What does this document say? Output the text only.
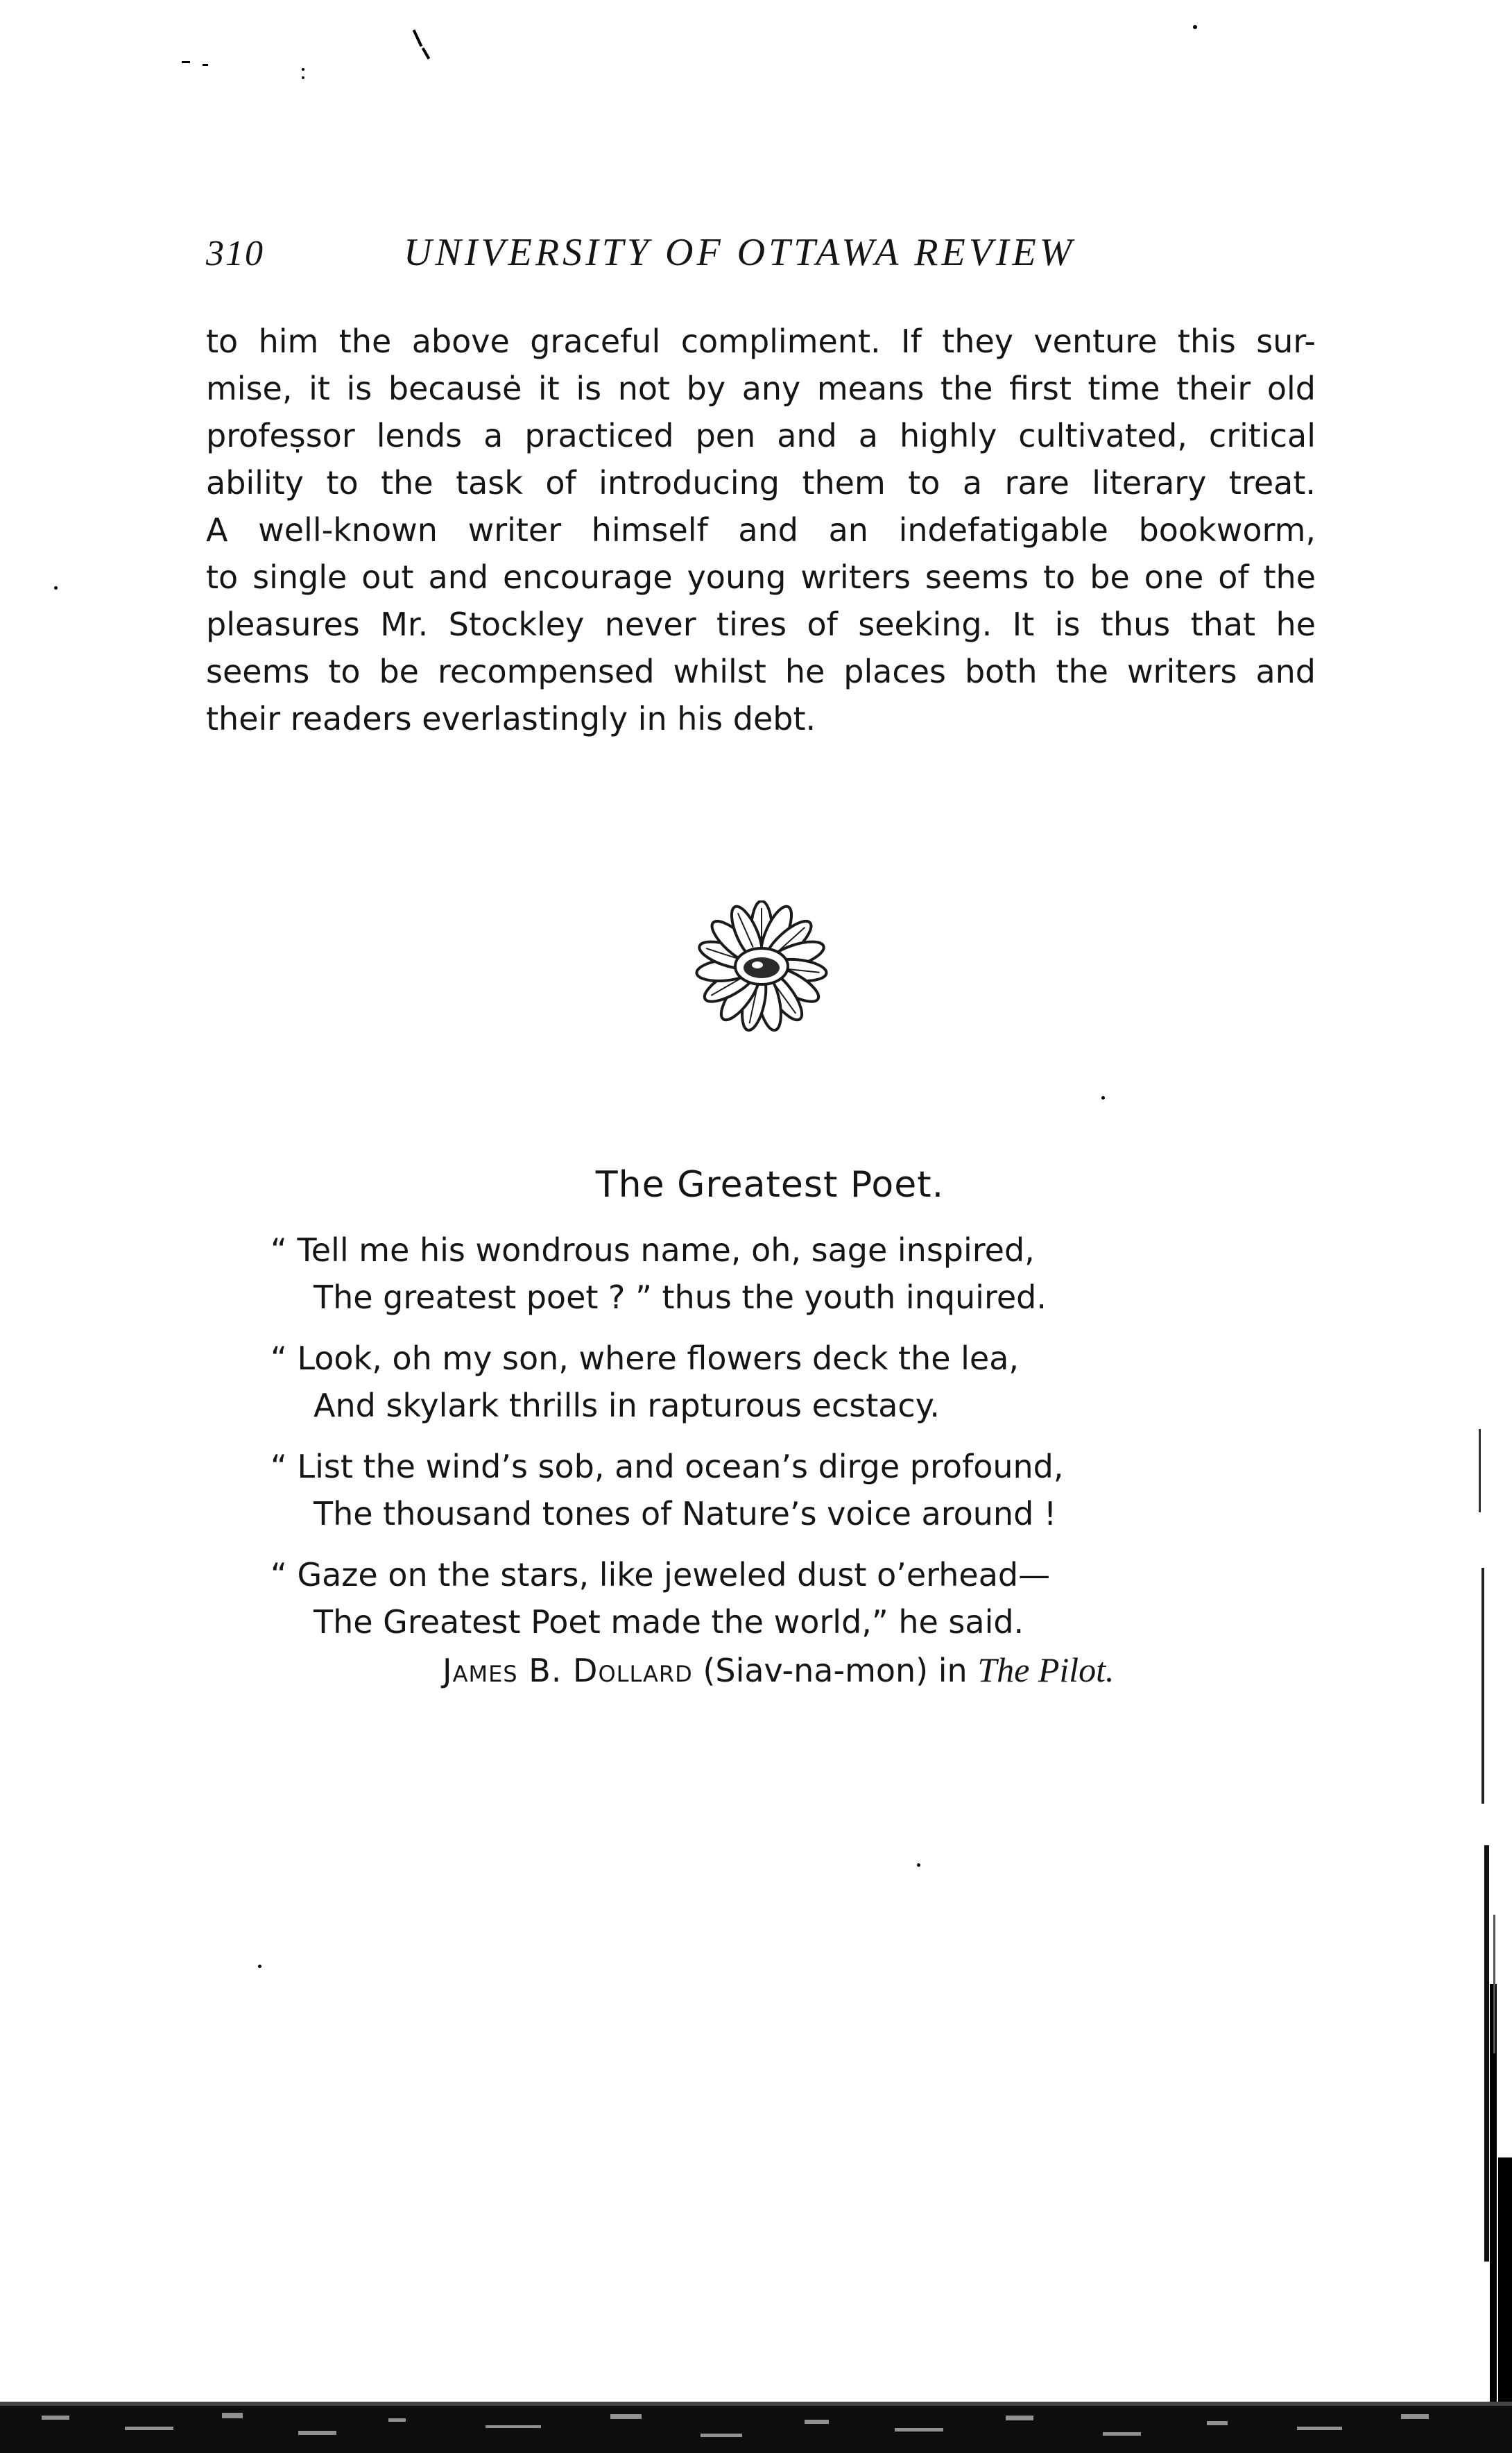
310	UNIVERSITY OF OTTAWA REVIEW

to him the above graceful compliment. If they venture this sur-
mise, it is becausė it is not by any means the first time their old
profeṣsor lends a practiced pen and a highly cultivated, critical
ability to the task of introducing them to a rare literary treat.
A well-known writer himself and an indefatigable bookworm,
to single out and encourage young writers seems to be one of the
pleasures Mr. Stockley never tires of seeking. It is thus that he
seems to be recompensed whilst he places both the writers and
their readers everlastingly in his debt.

The Greatest Poet.
“ Tell me his wondrous name, oh, sage inspired,
The greatest poet ? ” thus the youth inquired.
“ Look, oh my son, where flowers deck the lea,
And skylark thrills in rapturous ecstacy.
“ List the wind’s sob, and ocean’s dirge profound,
The thousand tones of Nature’s voice around !
“ Gaze on the stars, like jeweled dust o’erhead—
The Greatest Poet made the world,” he said.
James B. Dollard (Siav-na-mon) in The Pilot.
